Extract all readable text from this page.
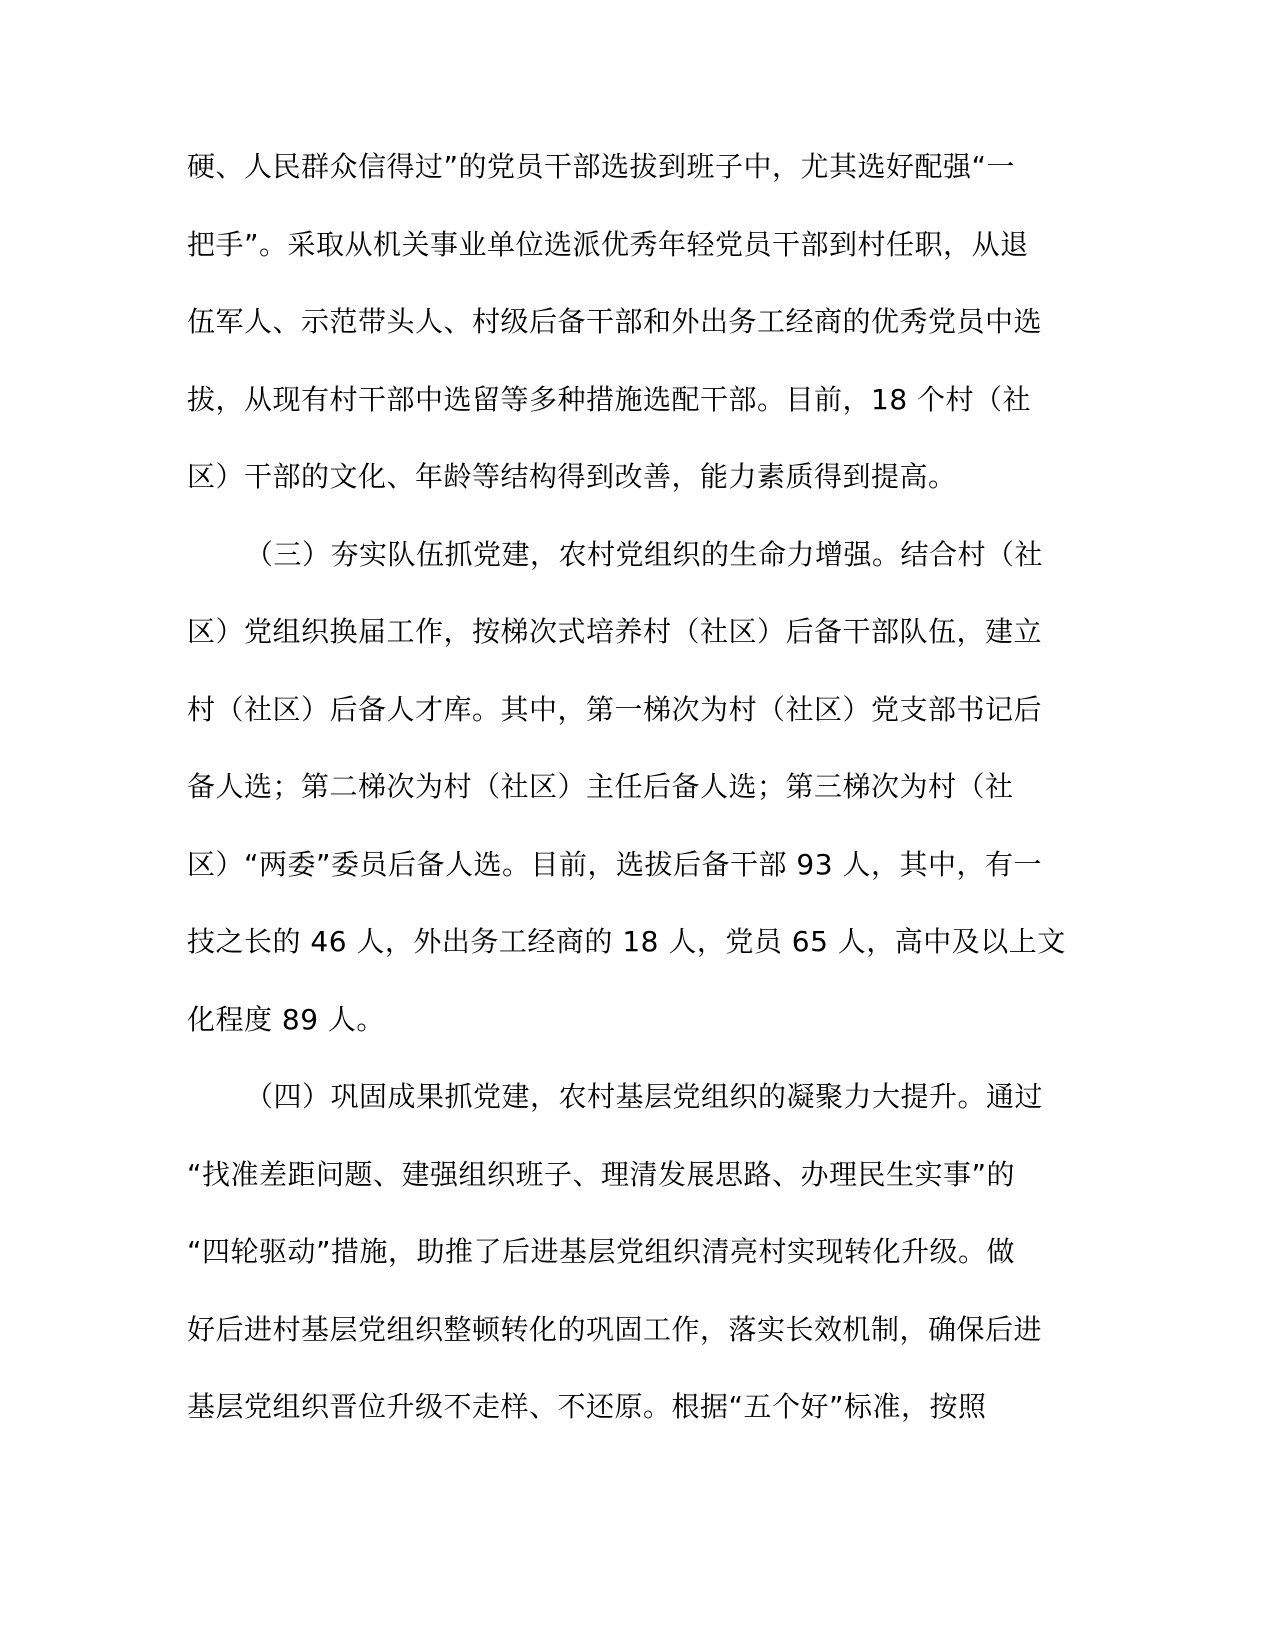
硬、人民群众信得过”的党员干部选拔到班子中，尤其选好配强“一
把手”。采取从机关事业单位选派优秀年轻党员干部到村任职，从退
伍军人、示范带头人、村级后备干部和外出务工经商的优秀党员中选
拔，从现有村干部中选留等多种措施选配干部。目前，18 个村（社
区）干部的文化、年龄等结构得到改善，能力素质得到提高。
（三）夯实队伍抓党建，农村党组织的生命力增强。结合村（社
区）党组织换届工作，按梯次式培养村（社区）后备干部队伍，建立
村（社区）后备人才库。其中，第一梯次为村（社区）党支部书记后
备人选；第二梯次为村（社区）主任后备人选；第三梯次为村（社
区）“两委”委员后备人选。目前，选拔后备干部 93 人，其中，有一
技之长的 46 人，外出务工经商的 18 人，党员 65 人，高中及以上文
化程度 89 人。
（四）巩固成果抓党建，农村基层党组织的凝聚力大提升。通过
“找准差距问题、建强组织班子、理清发展思路、办理民生实事”的
“四轮驱动”措施，助推了后进基层党组织清亮村实现转化升级。做
好后进村基层党组织整顿转化的巩固工作，落实长效机制，确保后进
基层党组织晋位升级不走样、不还原。根据“五个好”标准，按照
